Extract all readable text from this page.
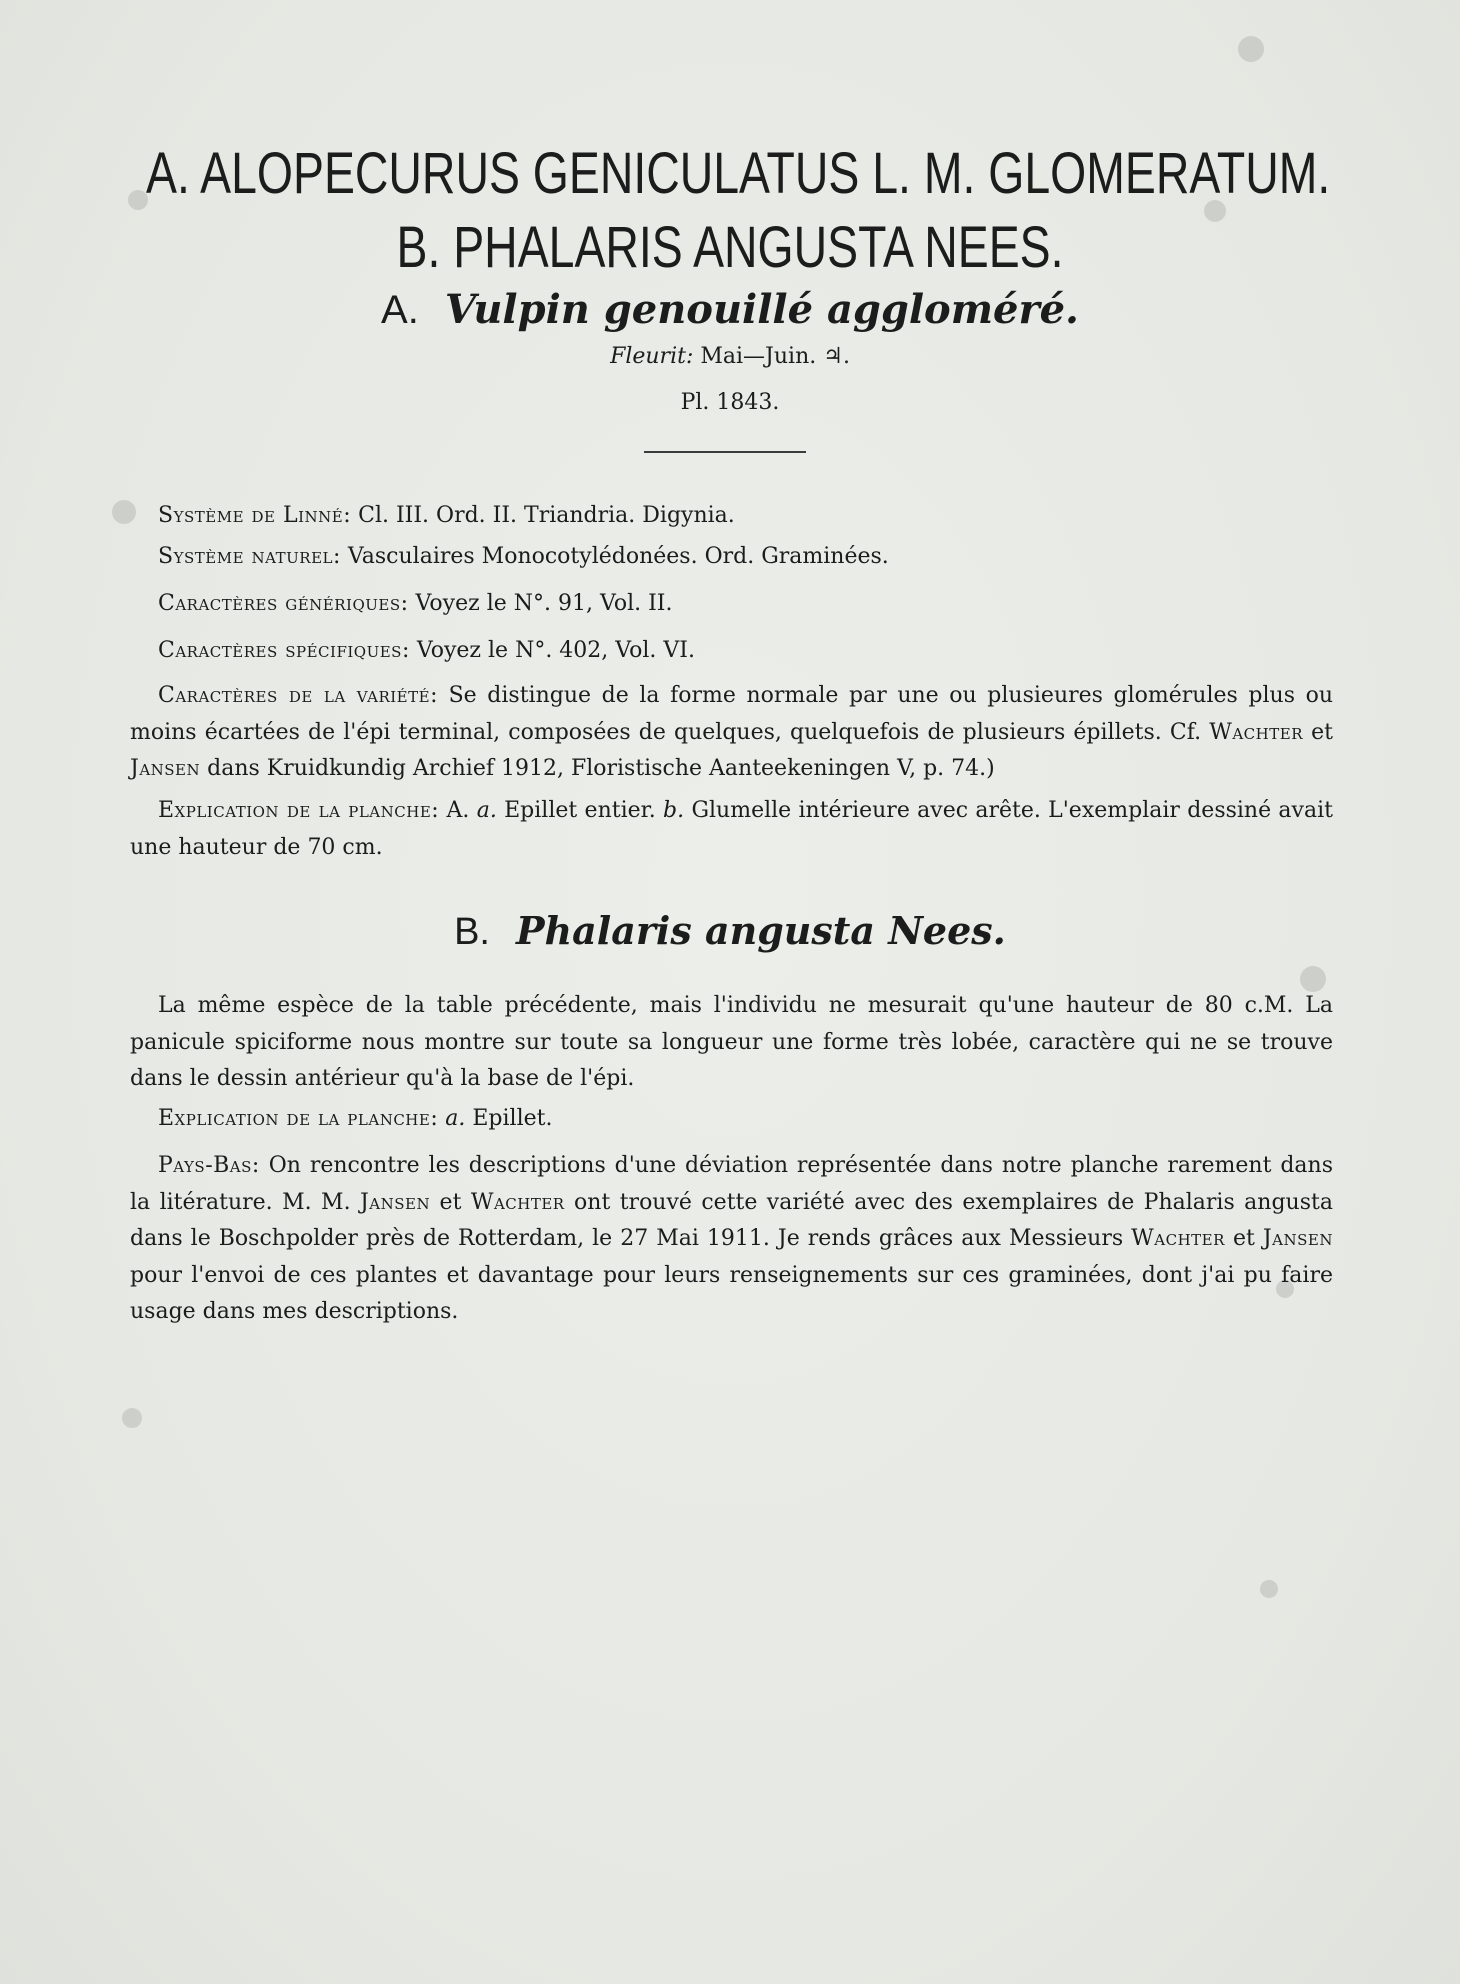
A. ALOPECURUS GENICULATUS L. M. GLOMERATUM.
B. PHALARIS ANGUSTA NEES.
A. Vulpin genouillé aggloméré.
Fleurit: Mai—Juin. ♃.
Pl. 1843.
Système de Linné: Cl. III. Ord. II. Triandria. Digynia.
Système naturel: Vasculaires Monocotylédonées. Ord. Graminées.
Caractères génériques: Voyez le N°. 91, Vol. II.
Caractères spécifiques: Voyez le N°. 402, Vol. VI.

Caractères de la variété: Se distingue de la forme normale par une ou plusieures glomérules plus ou moins écartées de l'épi terminal, composées de quelques, quelquefois de plusieurs épillets. Cf. Wachter et Jansen dans Kruidkundig Archief 1912, Floristische Aanteekeningen V, p. 74.)

Explication de la planche: A. a. Epillet entier. b. Glumelle intérieure avec arête. L'exemplair dessiné avait une hauteur de 70 cm.

B. Phalaris angusta Nees.

La même espèce de la table précédente, mais l'individu ne mesurait qu'une hauteur de 80 c.M. La panicule spiciforme nous montre sur toute sa longueur une forme très lobée, caractère qui ne se trouve dans le dessin antérieur qu'à la base de l'épi.

Explication de la planche: a. Epillet.

Pays-Bas: On rencontre les descriptions d'une déviation représentée dans notre planche rarement dans la litérature. M. M. Jansen et Wachter ont trouvé cette variété avec des exemplaires de Phalaris angusta dans le Boschpolder près de Rotterdam, le 27 Mai 1911. Je rends grâces aux Messieurs Wachter et Jansen pour l'envoi de ces plantes et davantage pour leurs renseignements sur ces graminées, dont j'ai pu faire usage dans mes descriptions.
